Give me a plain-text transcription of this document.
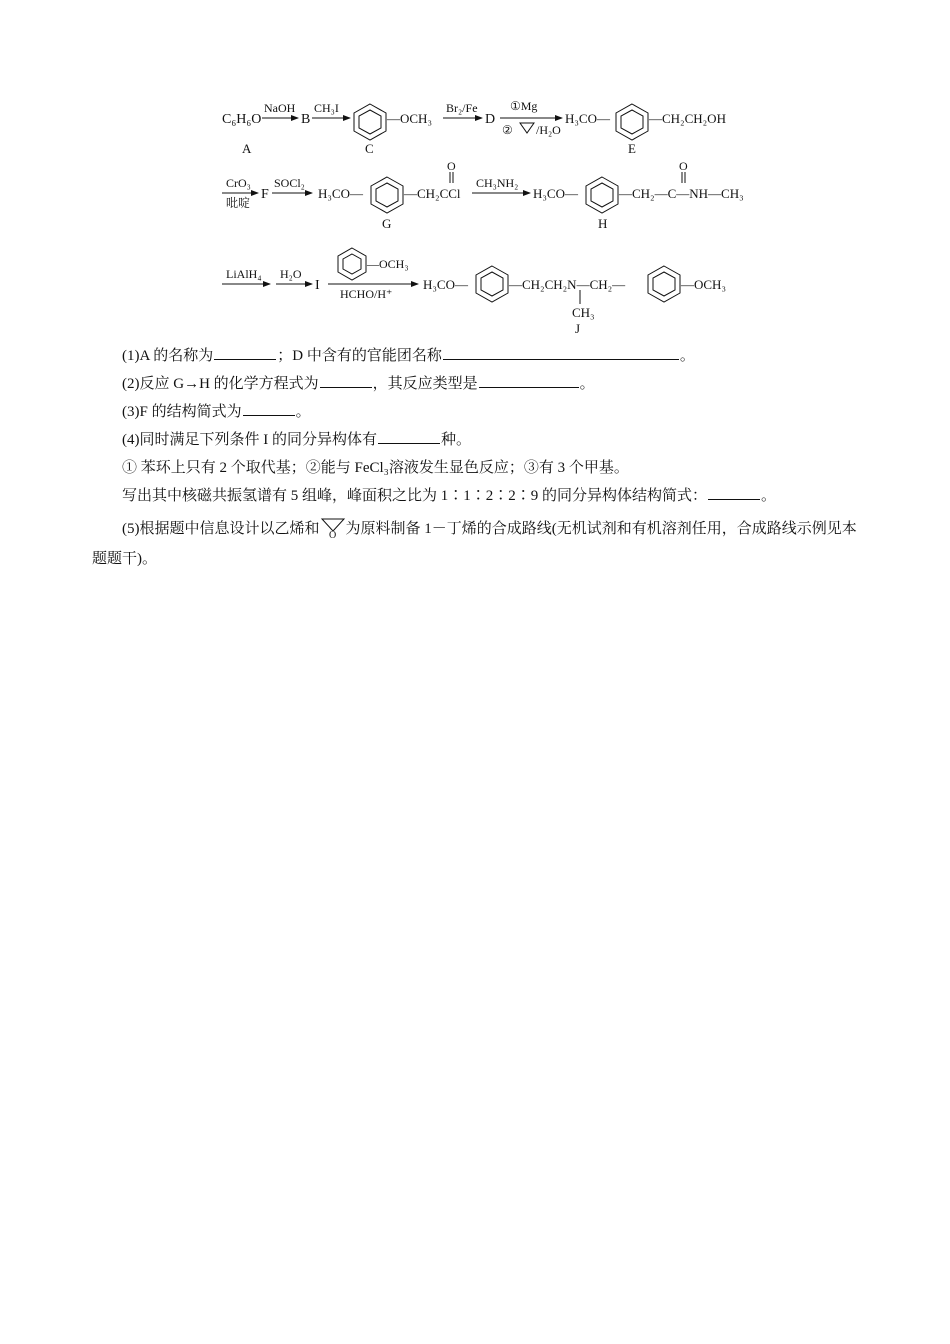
C₆H₆O
A
NaOH
B
CH₃I
—OCH₃
C
Br₂/Fe
D
①Mg
② /H₂O
H₃CO—	—CH₂CH₂OH
E
CrO₃
吡啶
F
SOCl₂
H₃CO—	—CH₂CCl
O
G
CH₃NH₂
H₃CO—	—CH₂—C—NH—CH₃
O
H
LiAlH₄ H₂O
I
—OCH₃
HCHO/H⁺
H₃CO—	—CH₂CH₂N—CH₂—	—OCH₃
CH₃
J
(1)A 的名称为	；D 中含有的官能团名称	。
(2)反应 G→H 的化学方程式为	，其反应类型是	。
(3)F 的结构简式为	。
(4)同时满足下列条件 I 的同分异构体有	种。
① 苯环上只有 2 个取代基；②能与 FeCl₃溶液发生显色反应；③有 3 个甲基。
写出其中核磁共振氢谱有 5 组峰，峰面积之比为 1∶1∶2∶2∶9 的同分异构体结构简式：	。
(5)根据题中信息设计以乙烯和 O 为原料制备 1－丁烯的合成路线(无机试剂和有机溶剂任用，合成路线示例见本题题干)。
